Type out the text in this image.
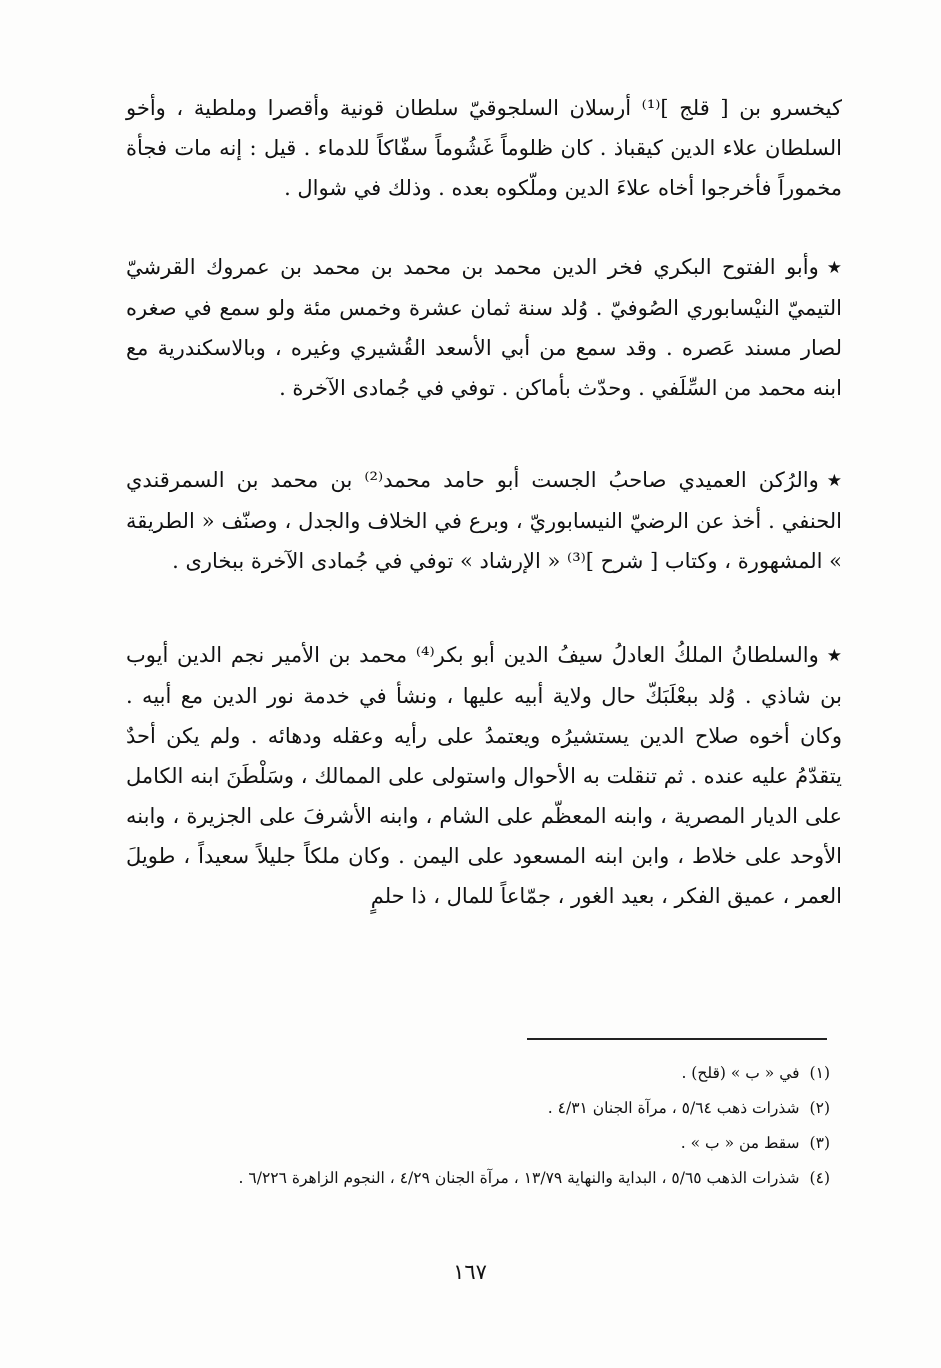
كيخسرو بن [ قلج ]⁽¹⁾ أرسلان السلجوقيّ سلطان قونية وأقصرا وملطية ، وأخو السلطان علاء الدين كيقباذ . كان ظلوماً غَشُوماً سفّاكاً للدماء . قيل : إنه مات فجأة مخموراً فأخرجوا أخاه علاءَ الدين وملّكوه بعده . وذلك في شوال .

★وأبو الفتوح البكري فخر الدين محمد بن محمد بن محمد بن عمروك القرشيّ التيميّ النيْسابوري الصُوفيّ . وُلد سنة ثمان عشرة وخمس مئة ولو سمع في صغره لصار مسند عَصره . وقد سمع من أبي الأسعد القُشيري وغيره ، وبالاسكندرية مع ابنه محمد من السِّلَفي . وحدّث بأماكن . توفي في جُمادى الآخرة .

★والرُكن العميدي صاحبُ الجست أبو حامد محمد⁽²⁾ بن محمد بن السمرقندي الحنفي . أخذ عن الرضيّ النيسابوريّ ، وبرع في الخلاف والجدل ، وصنّف « الطريقة » المشهورة ، وكتاب [ شرح ]⁽³⁾ « الإرشاد » توفي في جُمادى الآخرة ببخارى .

★والسلطانُ الملكُ العادلُ سيفُ الدين أبو بكر⁽⁴⁾ محمد بن الأمير نجم الدين أيوب بن شاذي . وُلد ببعْلَبَكّ حال ولاية أبيه عليها ، ونشأ في خدمة نور الدين مع أبيه . وكان أخوه صلاح الدين يستشيرُه ويعتمدُ على رأيه وعقله ودهائه . ولم يكن أحدٌ يتقدّمُ عليه عنده . ثم تنقلت به الأحوال واستولى على الممالك ، وسَلْطَنَ ابنه الكامل على الديار المصرية ، وابنه المعظّم على الشام ، وابنه الأشرفَ على الجزيرة ، وابنه الأوحد على خلاط ، وابن ابنه المسعود على اليمن . وكان ملكاً جليلاً سعيداً ، طويلَ العمر ، عميق الفكر ، بعيد الغور ، جمّاعاً للمال ، ذا حلمٍ

(١)في « ب » (قلح) .

(٢)شذرات ذهب ٥/٦٤ ، مرآة الجنان ٤/٣١ .

(٣)سقط من « ب » .

(٤)شذرات الذهب ٥/٦٥ ، البداية والنهاية ١٣/٧٩ ، مرآة الجنان ٤/٢٩ ، النجوم الزاهرة ٦/٢٢٦ .

١٦٧
